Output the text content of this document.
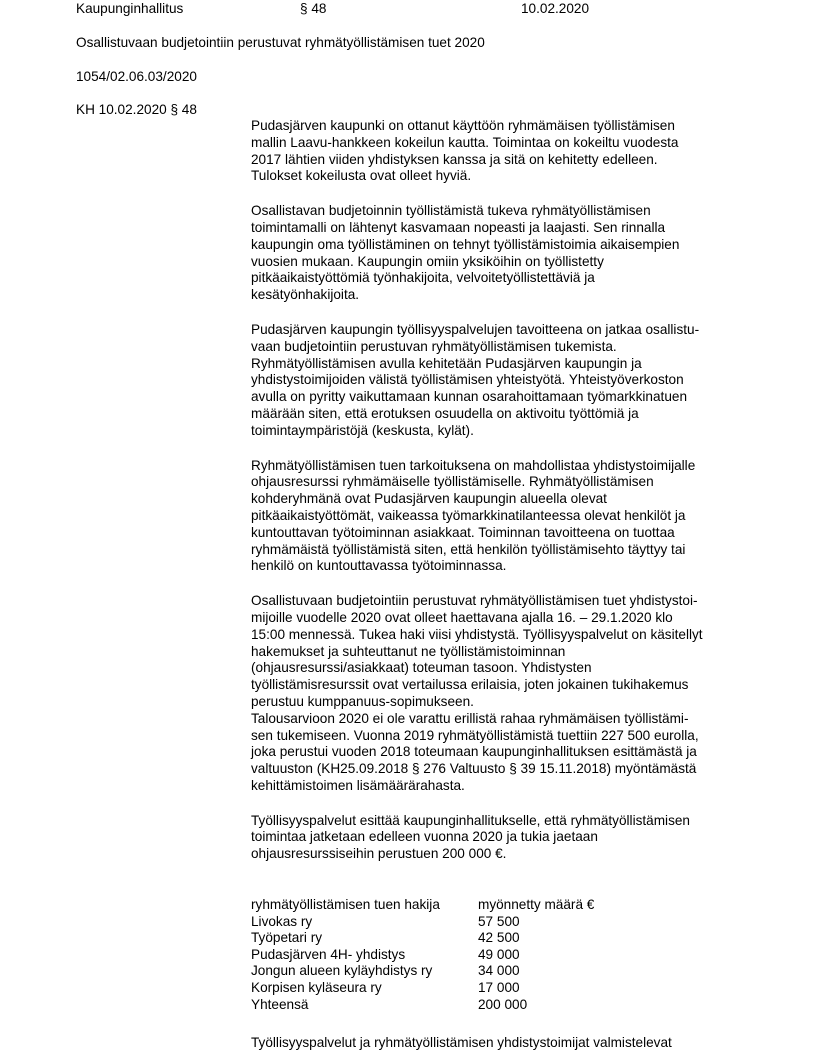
Kaupunginhallitus	§ 48	10.02.2020
Osallistuvaan budjetointiin perustuvat ryhmätyöllistämisen tuet 2020
1054/02.06.03/2020
KH 10.02.2020 § 48
Pudasjärven kaupunki on ottanut käyttöön ryhmämäisen työllistämisen
mallin Laavu-hankkeen kokeilun kautta. Toimintaa on kokeiltu vuodesta
2017 lähtien viiden yhdistyksen kanssa ja sitä on kehitetty edelleen.
Tulokset kokeilusta ovat olleet hyviä.
Osallistavan budjetoinnin työllistämistä tukeva ryhmätyöllistämisen
toimintamalli on lähtenyt kasvamaan nopeasti ja laajasti. Sen rinnalla
kaupungin oma työllistäminen on tehnyt työllistämistoimia aikaisempien
vuosien mukaan. Kaupungin omiin yksiköihin on työllistetty
pitkäaikaistyöttömiä työnhakijoita, velvoitetyöllistettäviä ja
kesätyönhakijoita.
Pudasjärven kaupungin työllisyyspalvelujen tavoitteena on jatkaa osallistu-
vaan budjetointiin perustuvan ryhmätyöllistämisen tukemista.
Ryhmätyöllistämisen avulla kehitetään Pudasjärven kaupungin ja
yhdistystoimijoiden välistä työllistämisen yhteistyötä. Yhteistyöverkoston
avulla on pyritty vaikuttamaan kunnan osarahoittamaan työmarkkinatuen
määrään siten, että erotuksen osuudella on aktivoitu työttömiä ja
toimintaympäristöjä (keskusta, kylät).
Ryhmätyöllistämisen tuen tarkoituksena on mahdollistaa yhdistystoimijalle
ohjausresurssi ryhmämäiselle työllistämiselle. Ryhmätyöllistämisen
kohderyhmänä ovat Pudasjärven kaupungin alueella olevat
pitkäaikaistyöttömät, vaikeassa työmarkkinatilanteessa olevat henkilöt ja
kuntouttavan työtoiminnan asiakkaat. Toiminnan tavoitteena on tuottaa
ryhmämäistä työllistämistä siten, että henkilön työllistämisehto täyttyy tai
henkilö on kuntouttavassa työtoiminnassa.
Osallistuvaan budjetointiin perustuvat ryhmätyöllistämisen tuet yhdistystoi-
mijoille vuodelle 2020 ovat olleet haettavana ajalla 16. – 29.1.2020 klo
15:00 mennessä. Tukea haki viisi yhdistystä. Työllisyyspalvelut on käsitellyt
hakemukset ja suhteuttanut ne työllistämistoiminnan
(ohjausresurssi/asiakkaat) toteuman tasoon. Yhdistysten
työllistämisresurssit ovat vertailussa erilaisia, joten jokainen tukihakemus
perustuu kumppanuus-sopimukseen.
Talousarvioon 2020 ei ole varattu erillistä rahaa ryhmämäisen työllistämi-
sen tukemiseen. Vuonna 2019 ryhmätyöllistämistä tuettiin 227 500 eurolla,
joka perustui vuoden 2018 toteumaan kaupunginhallituksen esittämästä ja
valtuuston (KH25.09.2018 § 276 Valtuusto § 39 15.11.2018) myöntämästä
kehittämistoimen lisämäärärahasta.
Työllisyyspalvelut esittää kaupunginhallitukselle, että ryhmätyöllistämisen
toimintaa jatketaan edelleen vuonna 2020 ja tukia jaetaan
ohjausresurssiseihin perustuen 200 000 €.
ryhmätyöllistämisen tuen hakija	myönnetty määrä €
Livokas ry	57 500
Työpetari ry	42 500
Pudasjärven 4H- yhdistys	49 000
Jongun alueen kyläyhdistys ry	34 000
Korpisen kyläseura ry	17 000
Yhteensä	200 000
Työllisyyspalvelut ja ryhmätyöllistämisen yhdistystoimijat valmistelevat
